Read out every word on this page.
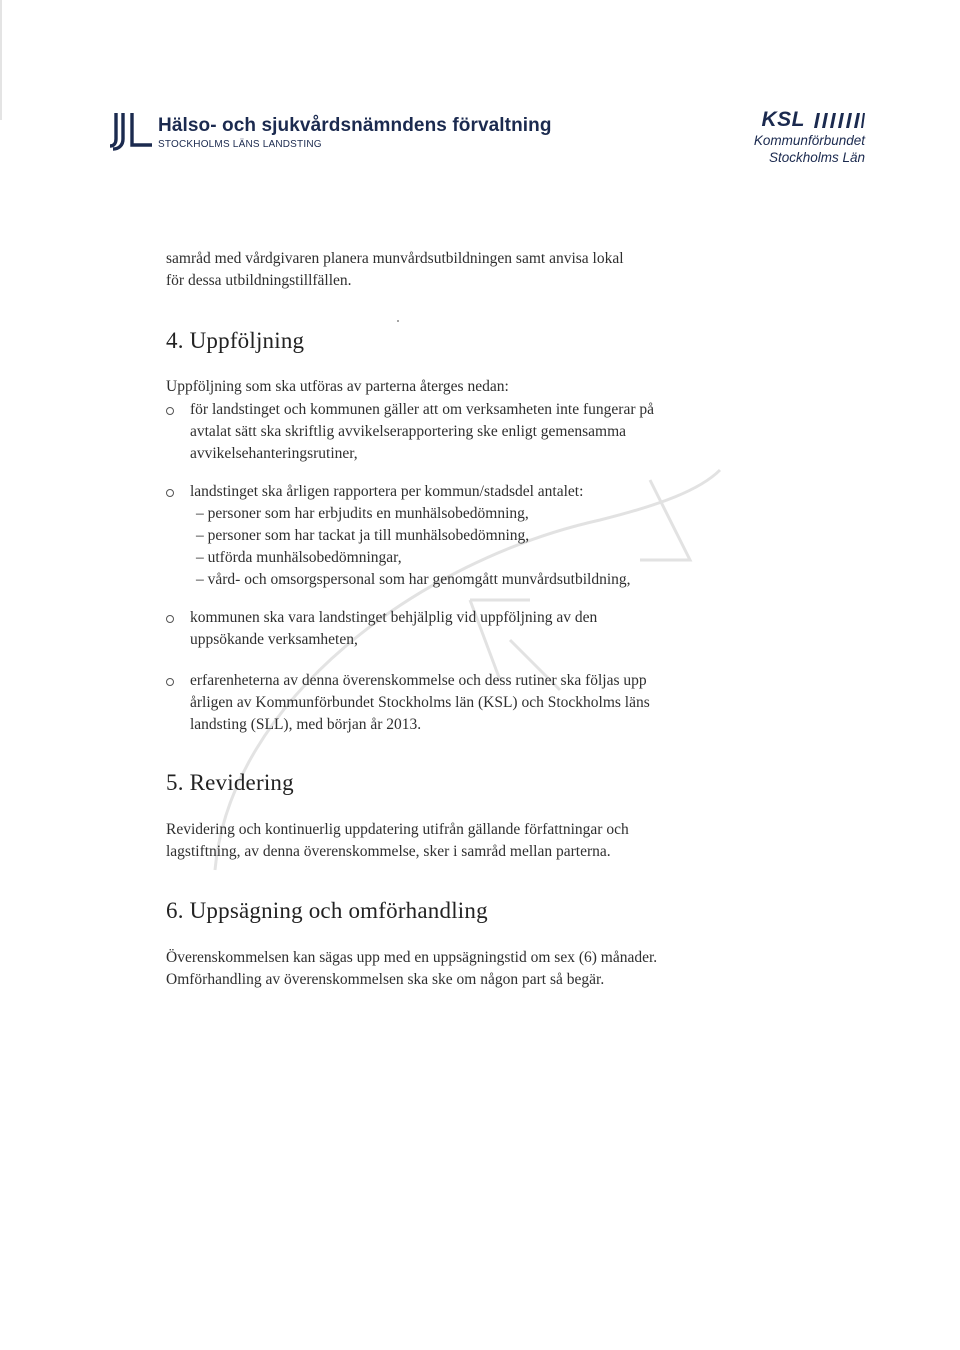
Hälso- och sjukvårdsnämndens förvaltning
STOCKHOLMS LÄNS LANDSTING
KSL
Kommunförbundet
Stockholms Län
samråd med vårdgivaren planera munvårdsutbildningen samt anvisa lokal
för dessa utbildningstillfällen.
4. Uppföljning
Uppföljning som ska utföras av parterna återges nedan:
för landstinget och kommunen gäller att om verksamheten inte fungerar på
avtalat sätt ska skriftlig avvikelserapportering ske enligt gemensamma
avvikelsehanteringsrutiner,
landstinget ska årligen rapportera per kommun/stadsdel antalet:
– personer som har erbjudits en munhälsobedömning,
– personer som har tackat ja till munhälsobedömning,
– utförda munhälsobedömningar,
– vård- och omsorgspersonal som har genomgått munvårdsutbildning,
kommunen ska vara landstinget behjälplig vid uppföljning av den
uppsökande verksamheten,
erfarenheterna av denna överenskommelse och dess rutiner ska följas upp
årligen av Kommunförbundet Stockholms län (KSL) och Stockholms läns
landsting (SLL), med början år 2013.
5. Revidering
Revidering och kontinuerlig uppdatering utifrån gällande författningar och
lagstiftning, av denna överenskommelse, sker i samråd mellan parterna.
6. Uppsägning och omförhandling
Överenskommelsen kan sägas upp med en uppsägningstid om sex (6) månader.
Omförhandling av överenskommelsen ska ske om någon part så begär.
